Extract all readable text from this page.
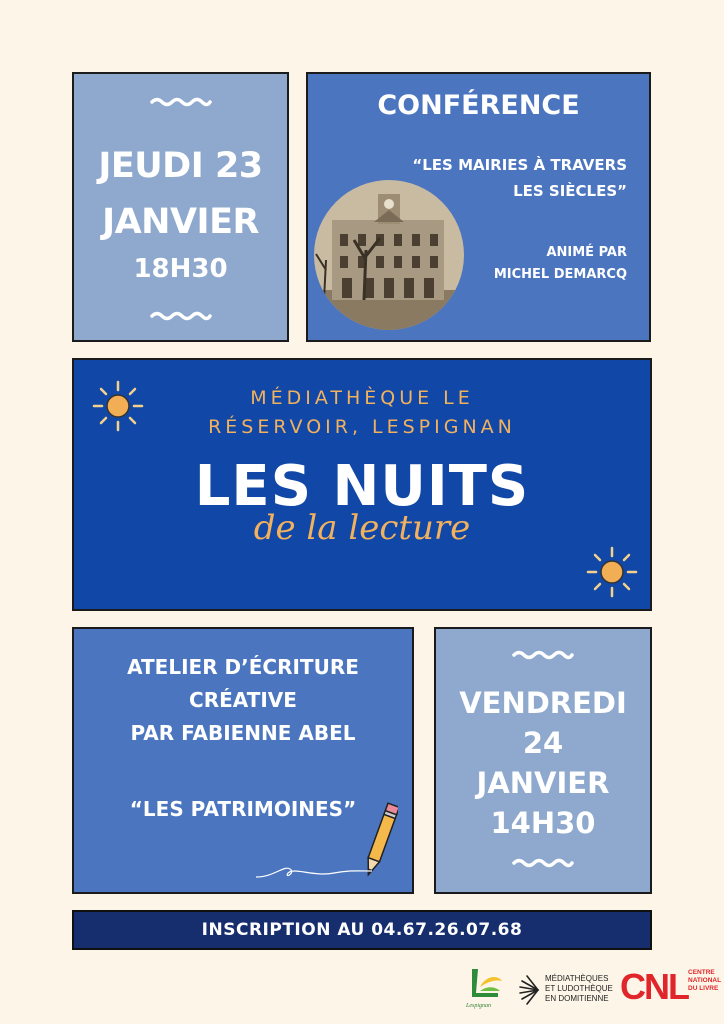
JEUDI 23
JANVIER
18H30
CONFÉRENCE
“LES MAIRIES À TRAVERS
LES SIÈCLES”
ANIMÉ PAR
MICHEL DEMARCQ
MÉDIATHÈQUE LE
RÉSERVOIR, LESPIGNAN
LES NUITS
de la lecture
ATELIER D’ÉCRITURE
CRÉATIVE
PAR FABIENNE ABEL
“LES PATRIMOINES”
VENDREDI
24
JANVIER
14H30
INSCRIPTION AU 04.67.26.07.68
Lespignan
MÉDIATHÈQUES
ET LUDOTHÈQUE
EN DOMITIENNE CNL CENTRE
NATIONAL
DU LIVRE
